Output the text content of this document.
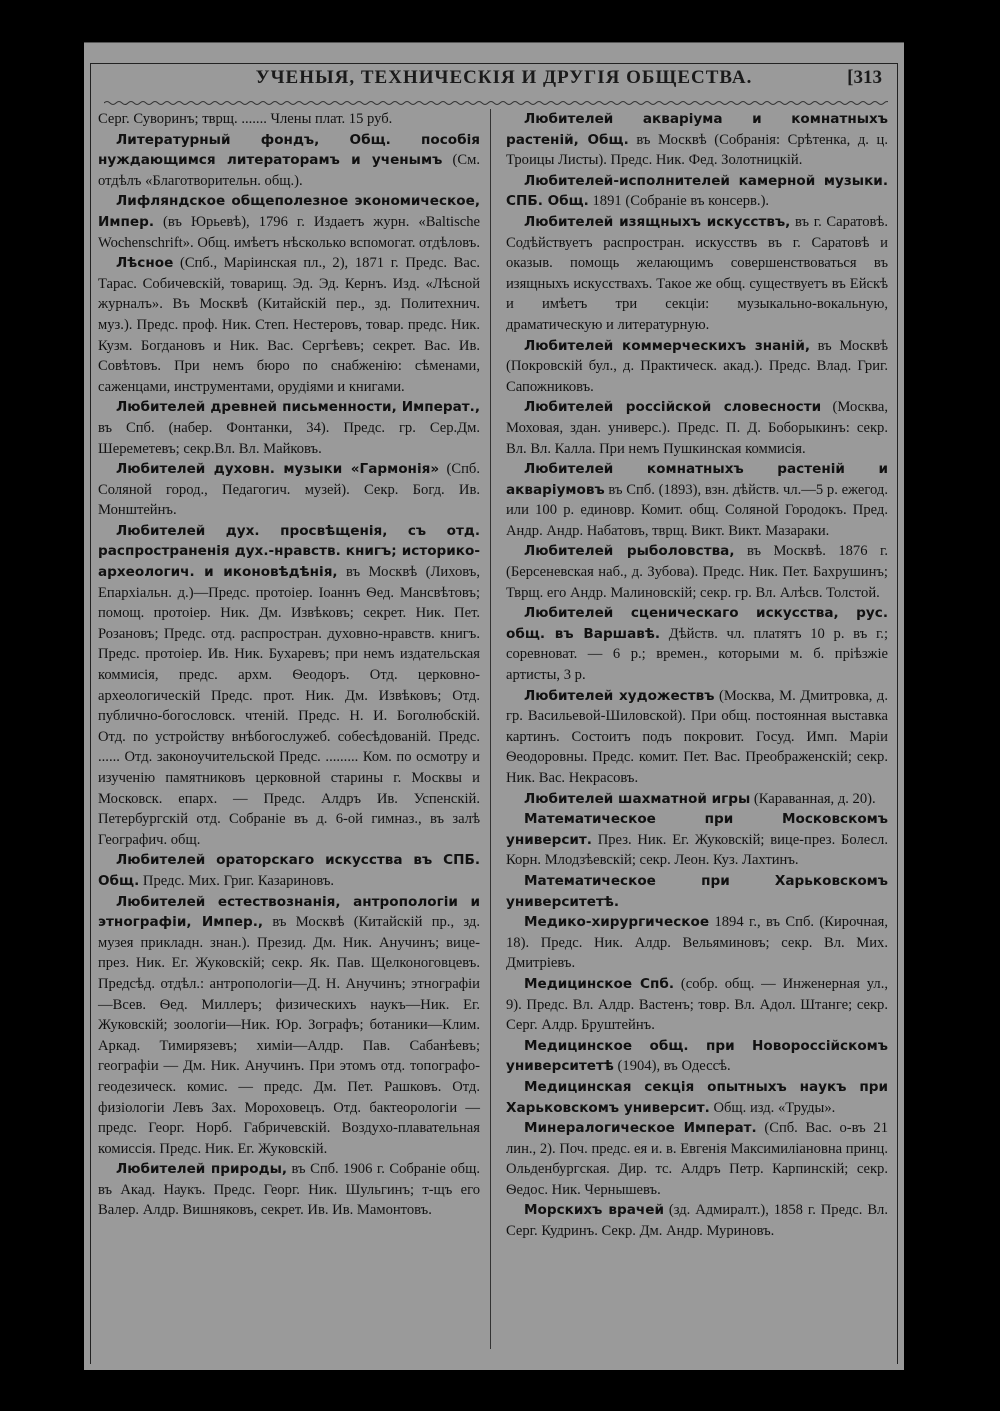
УЧЕНЫЯ, ТЕХНИЧЕСКІЯ И ДРУГІЯ ОБЩЕСТВА.	[313
Серг. Суворинъ; тврщ. ....... Члены плат. 15 руб.
Литературный фондъ, Общ. пособія нуждающимся литераторамъ и ученымъ (См. отдѣлъ «Благотворительн. общ.).
Лифляндское общеполезное экономическое, Импер. (въ Юрьевѣ), 1796 г. Издаетъ журн. «Baltische Wochenschrift». Общ. имѣетъ нѣсколько вспомогат. отдѣловъ.
Лѣсное (Спб., Маріинская пл., 2), 1871 г. Предс. Вас. Тарас. Собичевскій, товарищ. Эд. Эд. Кернъ. Изд. «Лѣсной журналъ». Въ Москвѣ (Китайскій пер., зд. Политехнич. муз.). Предс. проф. Ник. Степ. Нестеровъ, товар. предс. Ник. Кузм. Богдановъ и Ник. Вас. Сергѣевъ; секрет. Вас. Ив. Совѣтовъ. При немъ бюро по снабженію: сѣменами, саженцами, инструментами, орудіями и книгами.
Любителей древней письменности, Императ., въ Спб. (набер. Фонтанки, 34). Предс. гр. Сер.Дм. Шереметевъ; секр.Вл. Вл. Майковъ.
Любителей духовн. музыки «Гармонія» (Спб. Соляной город., Педагогич. музей). Секр. Богд. Ив. Монштейнъ.
Любителей дух. просвѣщенія, съ отд. распространенія дух.-нравств. книгъ; историко-археологич. и иконовѣдѣнія, въ Москвѣ (Лиховъ, Епархіальн. д.)—Предс. протоіер. Іоаннъ Ѳед. Мансвѣтовъ; помощ. протоіер. Ник. Дм. Извѣковъ; секрет. Ник. Пет. Розановъ; Предс. отд. распростран. духовно-нравств. книгъ. Предс. протоіер. Ив. Ник. Бухаревъ; при немъ издательская коммисія, предс. архм. Ѳеодоръ. Отд. церковно-археологическій Предс. прот. Ник. Дм. Извѣковъ; Отд. публично-богословск. чтеній. Предс. Н. И. Боголюбскій. Отд. по устройству внѣбогослужеб. собесѣдованій. Предс. ...... Отд. законоучительской Предс. ......... Ком. по осмотру и изученію памятниковъ церковной старины г. Москвы и Московск. епарх. — Предс. Алдръ Ив. Успенскій. Петербургскій отд. Собраніе въ д. 6-ой гимназ., въ залѣ Географич. общ.
Любителей ораторскаго искусства въ СПБ. Общ. Предс. Мих. Григ. Казариновъ.
Любителей естествознанія, антропологіи и этнографіи, Импер., въ Москвѣ (Китайскій пр., зд. музея прикладн. знан.). Презид. Дм. Ник. Анучинъ; вице-през. Ник. Ег. Жуковскій; секр. Як. Пав. Щелконоговцевъ. Предсѣд. отдѣл.: антропологіи—Д. Н. Анучинъ; этнографіи—Всев. Ѳед. Миллеръ; физическихъ наукъ—Ник. Ег. Жуковскій; зоологіи—Ник. Юр. Зографъ; ботаники—Клим. Аркад. Тимирязевъ; химіи—Алдр. Пав. Сабанѣевъ; географіи — Дм. Ник. Анучинъ. При этомъ отд. топографо-геодезическ. комис. — предс. Дм. Пет. Рашковъ. Отд. физіологіи Левъ Зах. Мороховецъ. Отд. бактеорологіи — предс. Георг. Норб. Габричевскій. Воздухо-плавательная комиссія. Предс. Ник. Ег. Жуковскій.
Любителей природы, въ Спб. 1906 г. Собраніе общ. въ Акад. Наукъ. Предс. Георг. Ник. Шульгинъ; т-щъ его Валер. Алдр. Вишняковъ, секрет. Ив. Ив. Мамонтовъ.
Любителей акваріума и комнатныхъ растеній, Общ. въ Москвѣ (Собранія: Срѣтенка, д. ц. Троицы Листы). Предс. Ник. Фед. Золотницкій.
Любителей-исполнителей камерной музыки. СПБ. Общ. 1891 (Собраніе въ консерв.).
Любителей изящныхъ искусствъ, въ г. Саратовѣ. Содѣйствуетъ распростран. искусствъ въ г. Саратовѣ и оказыв. помощь желающимъ совершенствоваться въ изящныхъ искусствахъ. Такое же общ. существуетъ въ Ейскѣ и имѣетъ три секціи: музыкально-вокальную, драматическую и литературную.
Любителей коммерческихъ знаній, въ Москвѣ (Покровскій бул., д. Практическ. акад.). Предс. Влад. Григ. Сапожниковъ.
Любителей россійской словесности (Москва, Моховая, здан. универс.). Предс. П. Д. Боборыкинъ: секр. Вл. Вл. Калла. При немъ Пушкинская коммисія.
Любителей комнатныхъ растеній и акваріумовъ въ Спб. (1893), взн. дѣйств. чл.—5 р. ежегод. или 100 р. единовр. Комит. общ. Соляной Городокъ. Пред. Андр. Андр. Набатовъ, тврщ. Викт. Викт. Мазараки.
Любителей рыболовства, въ Москвѣ. 1876 г. (Берсеневская наб., д. Зубова). Предс. Ник. Пет. Бахрушинъ; Тврщ. его Андр. Малиновскій; секр. гр. Вл. Алѣсв. Толстой.
Любителей сценическаго искусства, рус. общ. въ Варшавѣ. Дѣйств. чл. платятъ 10 р. въ г.; соревноват. — 6 р.; времен., которыми м. б. пріѣзжіе артисты, 3 р.
Любителей художествъ (Москва, М. Дмитровка, д. гр. Васильевой-Шиловской). При общ. постоянная выставка картинъ. Состоитъ подъ покровит. Госуд. Имп. Маріи Ѳеодоровны. Предс. комит. Пет. Вас. Преображенскій; секр. Ник. Вас. Некрасовъ.
Любителей шахматной игры (Караванная, д. 20).
Математическое при Московскомъ университ. През. Ник. Ег. Жуковскій; вице-през. Болесл. Корн. Млодзѣевскій; секр. Леон. Куз. Лахтинъ.
Математическое при Харьковскомъ университетѣ.
Медико-хирургическое 1894 г., въ Спб. (Кирочная, 18). Предс. Ник. Алдр. Вельяминовъ; секр. Вл. Мих. Дмитріевъ.
Медицинское Спб. (собр. общ. — Инженерная ул., 9). Предс. Вл. Алдр. Вастенъ; товр. Вл. Адол. Штанге; секр. Серг. Алдр. Бруштейнъ.
Медицинское общ. при Новороссійскомъ университетѣ (1904), въ Одессѣ.
Медицинская секція опытныхъ наукъ при Харьковскомъ университ. Общ. изд. «Труды».
Минералогическое Императ. (Спб. Вас. о-въ 21 лин., 2). Поч. предс. ея и. в. Евгенія Максимиліановна принц. Ольденбургская. Дир. тс. Алдръ Петр. Карпинскій; секр. Ѳедос. Ник. Чернышевъ.
Морскихъ врачей (зд. Адмиралт.), 1858 г. Предс. Вл. Серг. Кудринъ. Секр. Дм. Андр. Муриновъ.
